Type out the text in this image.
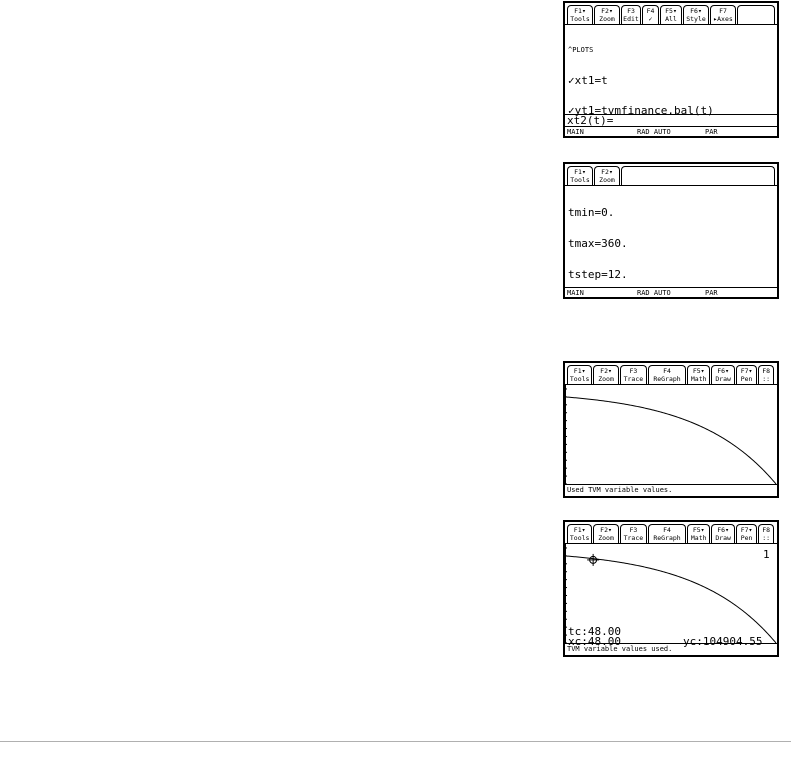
F1▾
Tools
F2▾
Zoom
F3
Edit
F4
✓
F5▾
All
F6▾
Style
F7
▸Axes

^PLOTS

✓xt1=t

✓yt1=tvmfinance.bal(t)

xt2(t)=
MAIN	RAD AUTO	PAR
F1▾
Tools
F2▾
Zoom

tmin=0.

tmax=360.

tstep=12.

MAIN	RAD AUTO	PAR
F1▾
Tools
F2▾
Zoom
F3
Trace
F4
ReGraph
F5▾
Math
F6▾
Draw
F7▾
Pen
F8
::
Used TVM variable values.
F1▾
Tools
F2▾
Zoom
F3
Trace
F4
ReGraph
F5▾
Math
F6▾
Draw
F7▾
Pen
F8
::
1
tc:48.00
xc:48.00	yc:104904.55
TVM variable values used.
